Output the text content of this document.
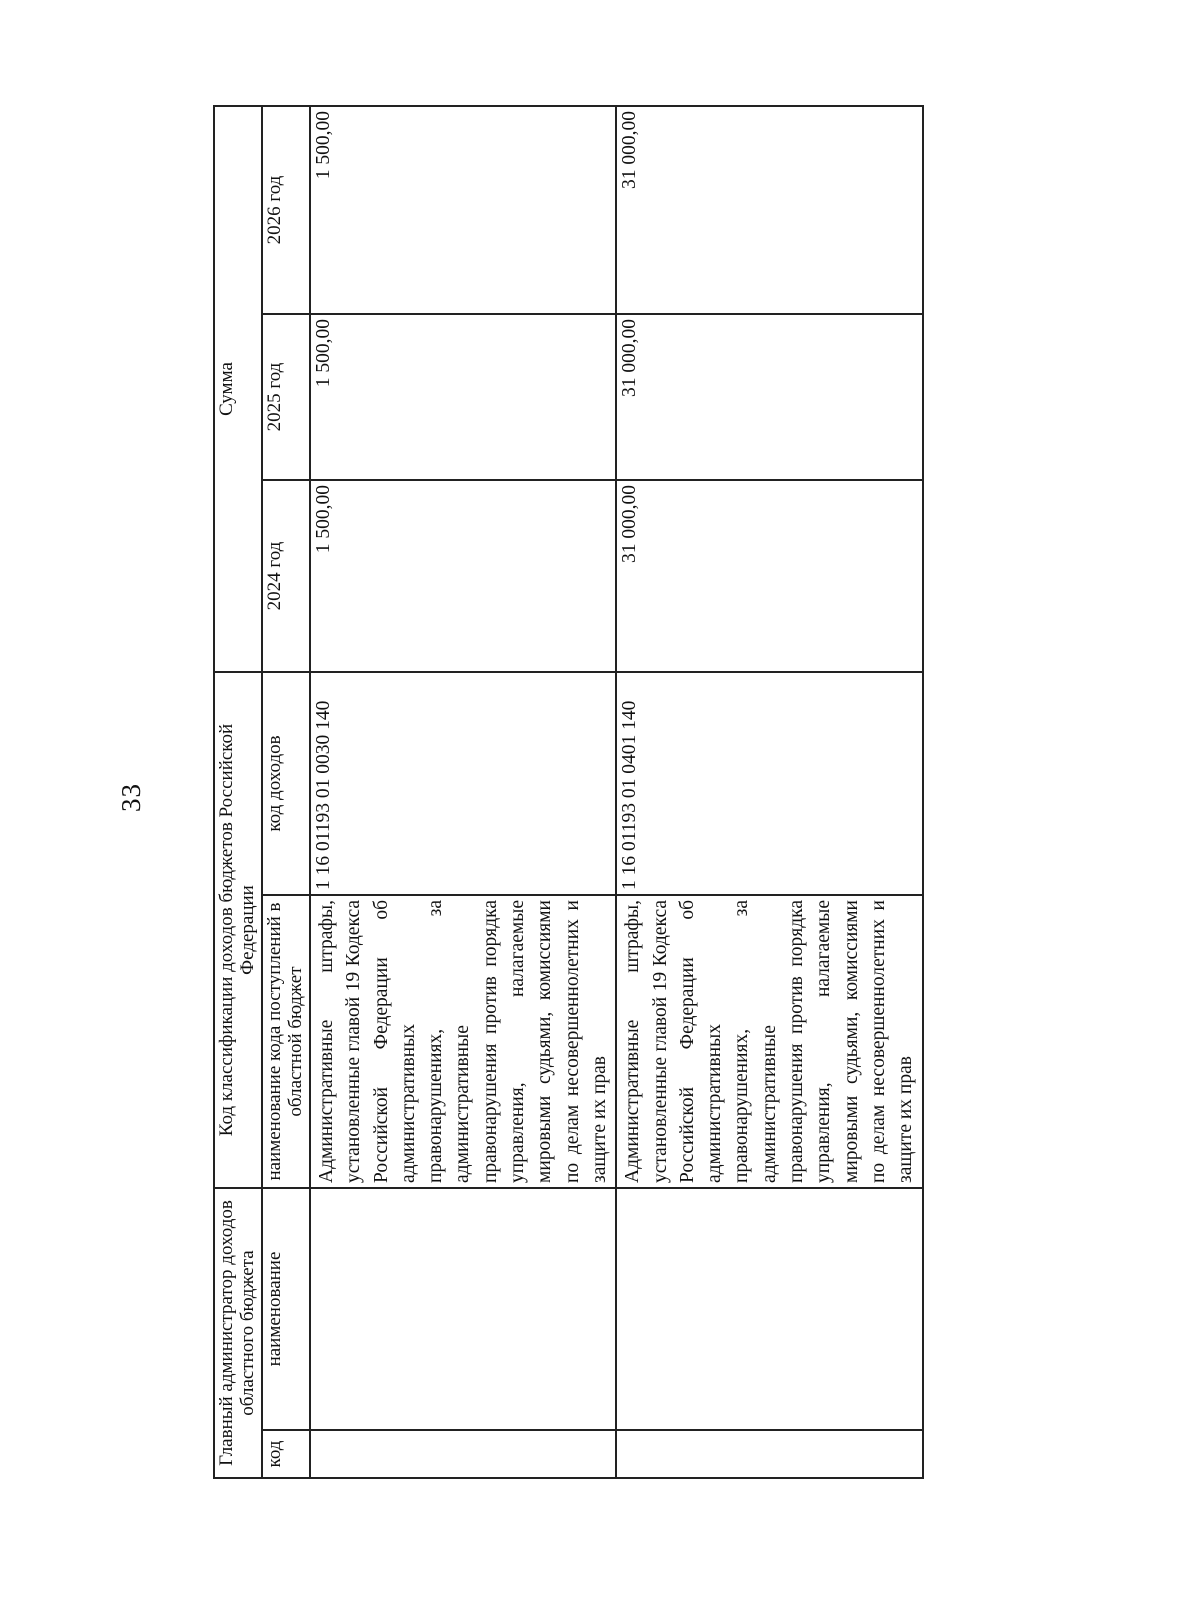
33
Главный администратор доходов областного бюджета		Код классификации доходов бюджетов Российской Федерации		Сумма		
код	наименование	наименование кода поступлений в областной бюджет	код доходов	2024 год	2025 год	2026 год
		Административные штрафы, установленные главой 19 Кодекса Российской Федерации об административных правонарушениях, за административные правонарушения против порядка управления, налагаемые мировыми судьями, комиссиями по делам несовершеннолетних и защите их прав	1 16 01193 01 0030 140	1 500,00	1 500,00	1 500,00
		Административные штрафы, установленные главой 19 Кодекса Российской Федерации об административных правонарушениях, за административные правонарушения против порядка управления, налагаемые мировыми судьями, комиссиями по делам несовершеннолетних и защите их прав	1 16 01193 01 0401 140	31 000,00	31 000,00	31 000,00
